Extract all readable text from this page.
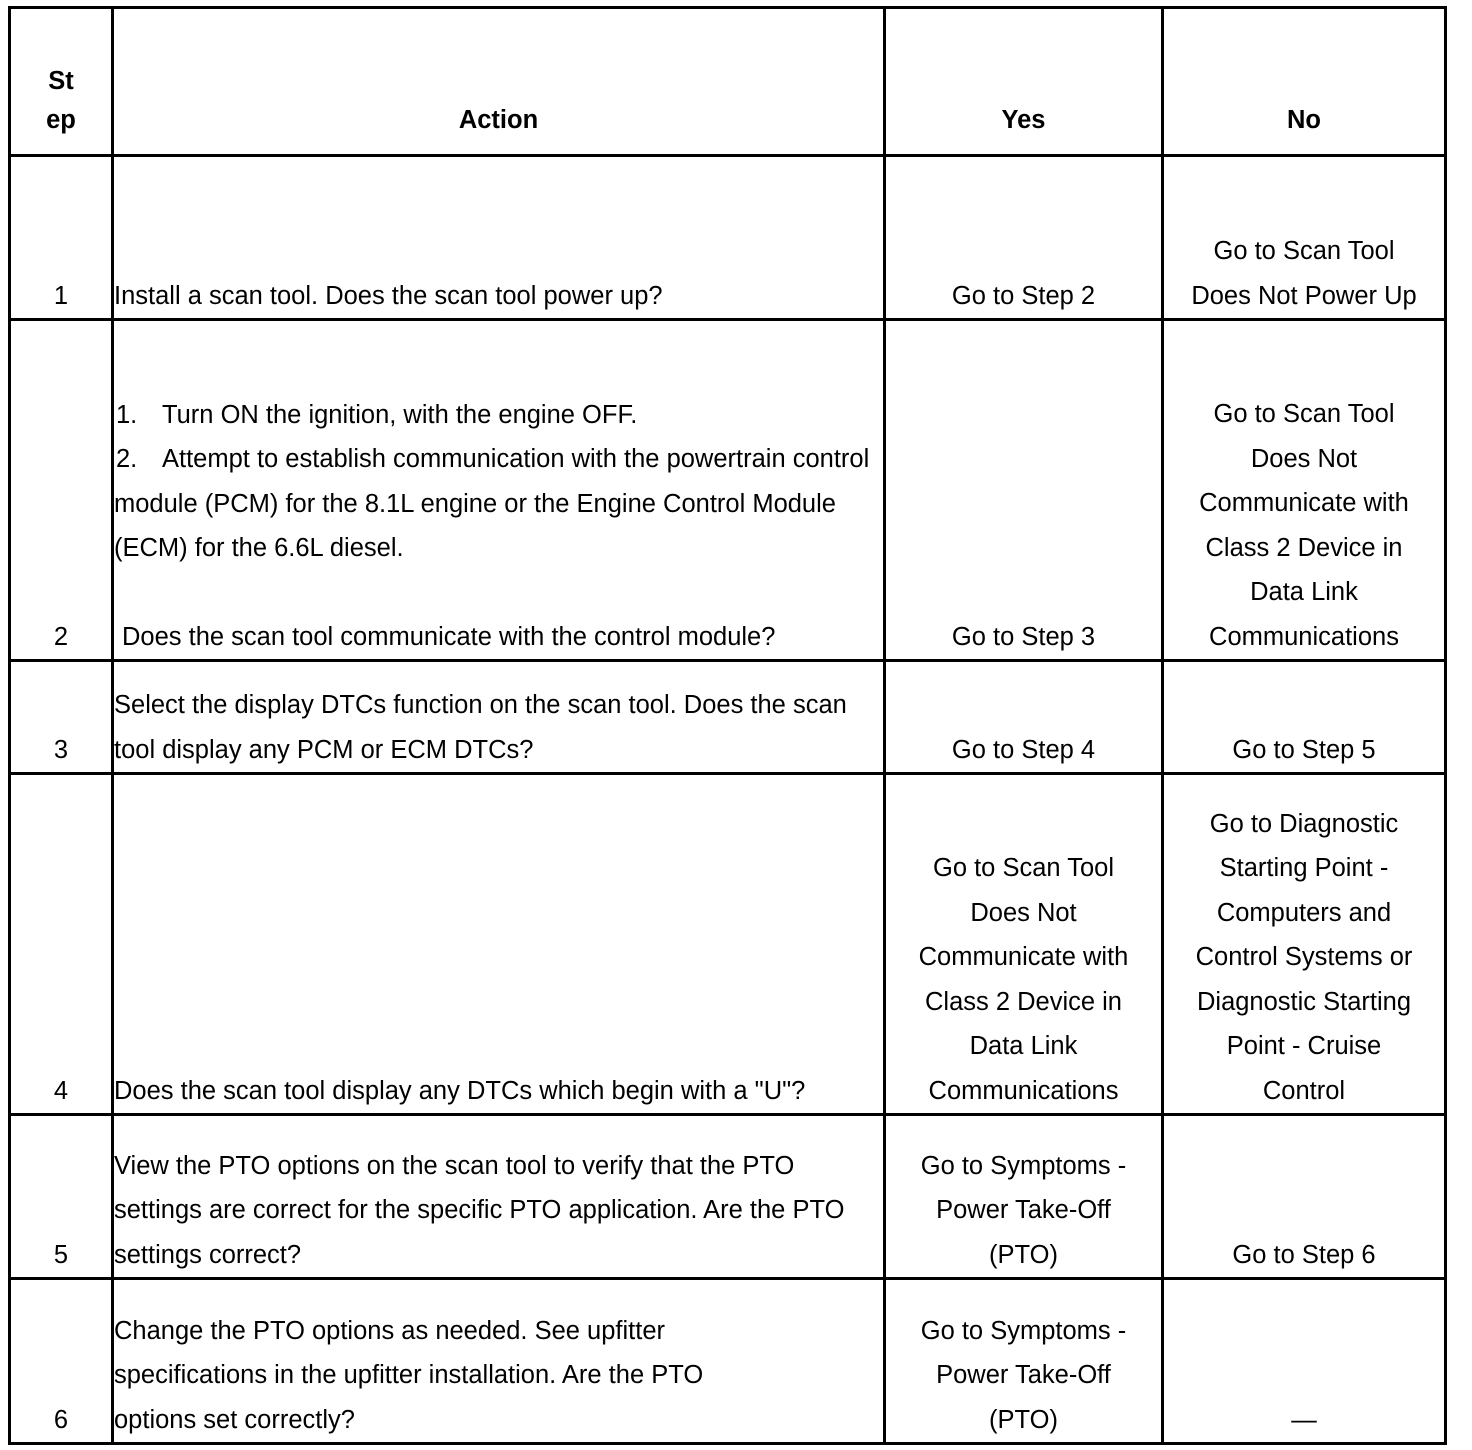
St
ep	Action	Yes	No
1	Install a scan tool. Does the scan tool power up?	Go to Step 2	Go to Scan Tool Does Not Power Up
2	1. Turn ON the ignition, with the engine OFF.
2. Attempt to establish communication with the powertrain control module (PCM) for the 8.1L engine or the Engine Control Module (ECM) for the 6.6L diesel.
Does the scan tool communicate with the control module?	Go to Step 3	Go to Scan Tool Does Not Communicate with Class 2 Device in Data Link Communications
3	Select the display DTCs function on the scan tool. Does the scan tool display any PCM or ECM DTCs?	Go to Step 4	Go to Step 5
4	Does the scan tool display any DTCs which begin with a "U"?	Go to Scan Tool Does Not Communicate with Class 2 Device in Data Link Communications	Go to Diagnostic Starting Point - Computers and Control Systems or Diagnostic Starting Point - Cruise Control
5	View the PTO options on the scan tool to verify that the PTO settings are correct for the specific PTO application. Are the PTO settings correct?	Go to Symptoms - Power Take-Off (PTO)	Go to Step 6
6	Change the PTO options as needed. See upfitter specifications in the upfitter installation. Are the PTO options set correctly?	Go to Symptoms - Power Take-Off (PTO)	—
